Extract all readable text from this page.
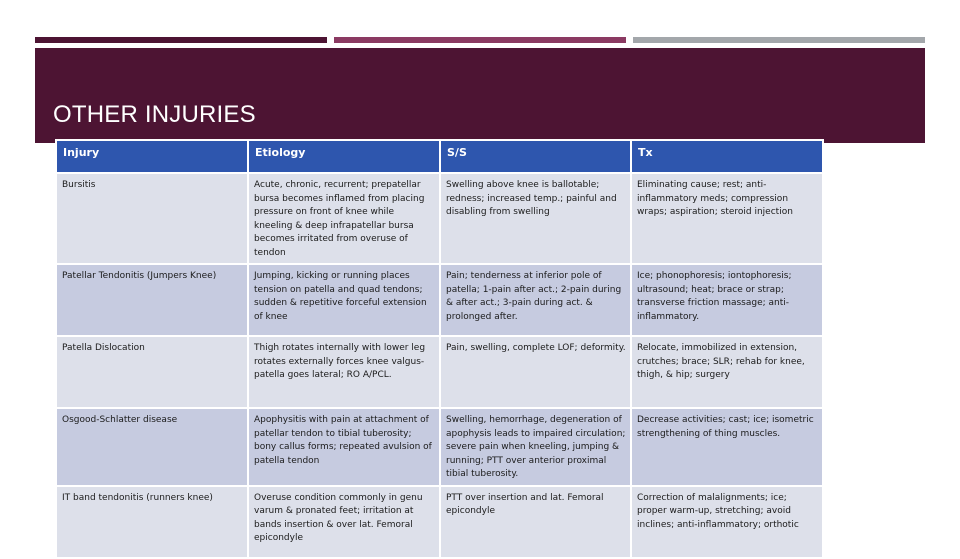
OTHER INJURIES
Injury	Etiology	S/S	Tx
Bursitis	Acute, chronic, recurrent; prepatellar bursa becomes inflamed from placing pressure on front of knee while kneeling & deep infrapatellar bursa becomes irritated from overuse of tendon	Swelling above knee is ballotable; redness; increased temp.; painful and disabling from swelling	Eliminating cause; rest; anti-inflammatory meds; compression wraps; aspiration; steroid injection
Patellar Tendonitis (Jumpers Knee)	Jumping, kicking or running places tension on patella and quad tendons; sudden & repetitive forceful extension of knee	Pain; tenderness at inferior pole of patella; 1-pain after act.; 2-pain during & after act.; 3-pain during act. & prolonged after.	Ice; phonophoresis; iontophoresis; ultrasound; heat; brace or strap; transverse friction massage; anti-inflammatory.
Patella Dislocation	Thigh rotates internally with lower leg rotates externally forces knee valgus-patella goes lateral; RO A/PCL.	Pain, swelling, complete LOF; deformity.	Relocate, immobilized in extension, crutches; brace; SLR; rehab for knee, thigh, & hip; surgery
Osgood-Schlatter disease	Apophysitis with pain at attachment of patellar tendon to tibial tuberosity; bony callus forms; repeated avulsion of patella tendon	Swelling, hemorrhage, degeneration of apophysis leads to impaired circulation; severe pain when kneeling, jumping & running; PTT over anterior proximal tibial tuberosity.	Decrease activities; cast; ice; isometric strengthening of thing muscles.
IT band tendonitis (runners knee)	Overuse condition commonly in genu varum & pronated feet; irritation at bands insertion & over lat. Femoral epicondyle	PTT over insertion and lat. Femoral epicondyle	Correction of malalignments; ice; proper warm-up, stretching; avoid inclines; anti-inflammatory; orthotic
